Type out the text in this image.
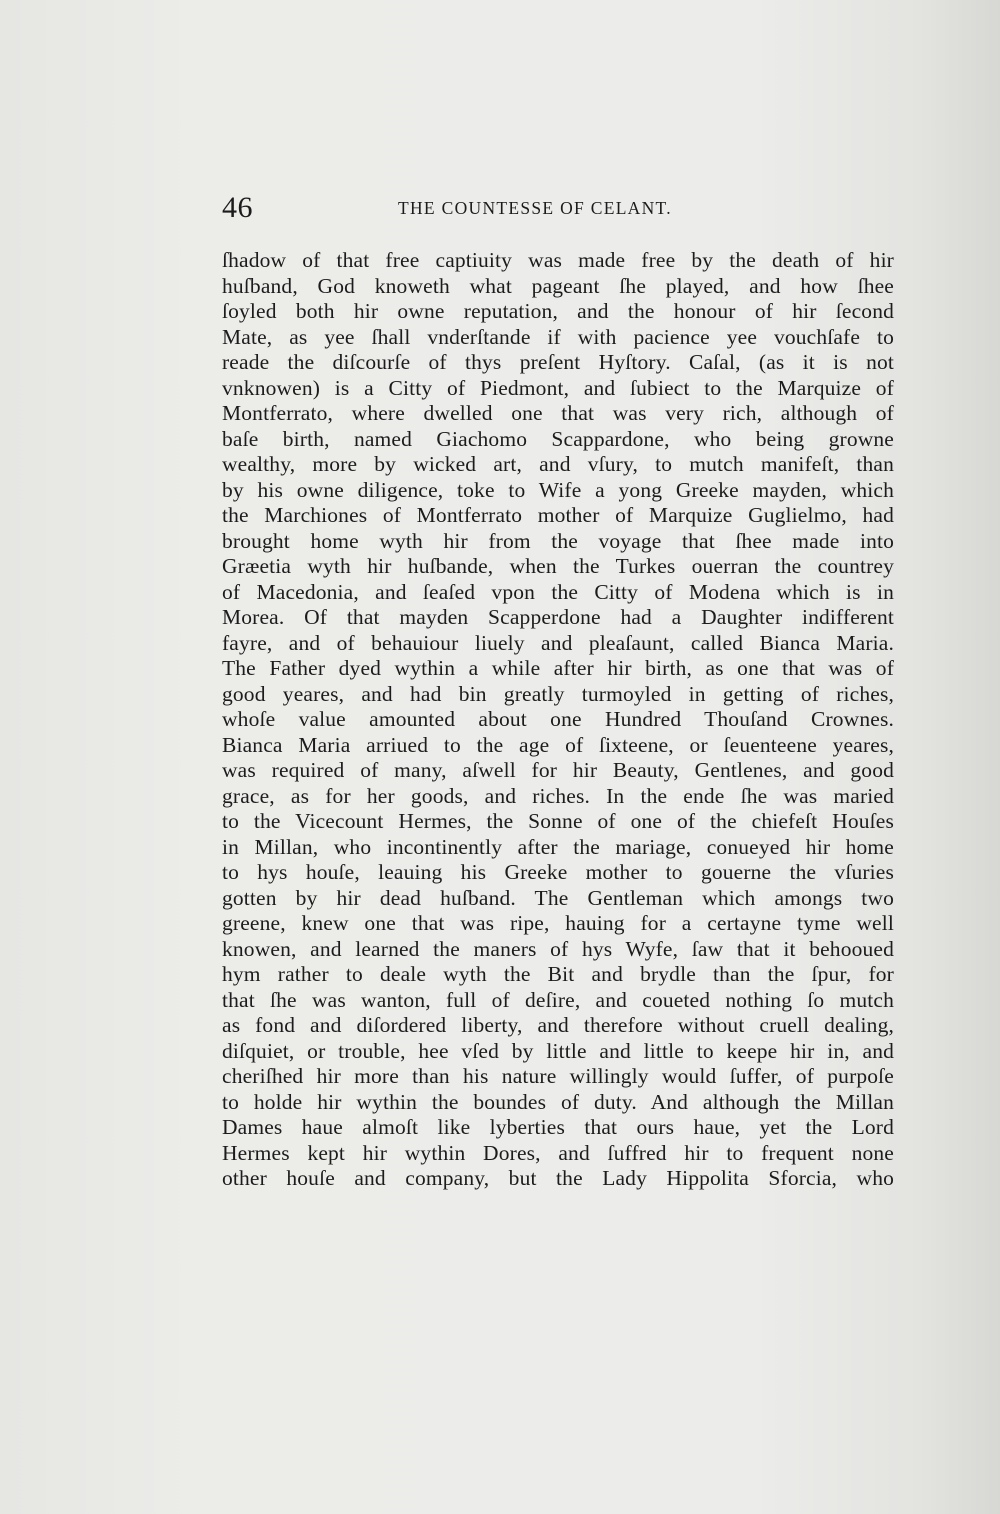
46	THE COUNTESSE OF CELANT.
ſhadow of that free captiuity was made free by the death of hir
huſband, God knoweth what pageant ſhe played, and how ſhee
ſoyled both hir owne reputation, and the honour of hir ſecond
Mate, as yee ſhall vnderſtande if with pacience yee vouchſafe to
reade the diſcourſe of thys preſent Hyſtory. Caſal, (as it is not
vnknowen) is a Citty of Piedmont, and ſubiect to the Marquize of
Montferrato, where dwelled one that was very rich, although of
baſe birth, named Giachomo Scappardone, who being growne
wealthy, more by wicked art, and vſury, to mutch manifeſt, than
by his owne diligence, toke to Wife a yong Greeke mayden, which
the Marchiones of Montferrato mother of Marquize Guglielmo, had
brought home wyth hir from the voyage that ſhee made into
Græetia wyth hir huſbande, when the Turkes ouerran the countrey
of Macedonia, and ſeaſed vpon the Citty of Modena which is in
Morea. Of that mayden Scapperdone had a Daughter indifferent
fayre, and of behauiour liuely and pleaſaunt, called Bianca Maria.
The Father dyed wythin a while after hir birth, as one that was of
good yeares, and had bin greatly turmoyled in getting of riches,
whoſe value amounted about one Hundred Thouſand Crownes.
Bianca Maria arriued to the age of ſixteene, or ſeuenteene yeares,
was required of many, aſwell for hir Beauty, Gentlenes, and good
grace, as for her goods, and riches. In the ende ſhe was maried
to the Vicecount Hermes, the Sonne of one of the chiefeſt Houſes
in Millan, who incontinently after the mariage, conueyed hir home
to hys houſe, leauing his Greeke mother to gouerne the vſuries
gotten by hir dead huſband. The Gentleman which amongs two
greene, knew one that was ripe, hauing for a certayne tyme well
knowen, and learned the maners of hys Wyfe, ſaw that it behooued
hym rather to deale wyth the Bit and brydle than the ſpur, for
that ſhe was wanton, full of deſire, and coueted nothing ſo mutch
as fond and diſordered liberty, and therefore without cruell dealing,
diſquiet, or trouble, hee vſed by little and little to keepe hir in, and
cheriſhed hir more than his nature willingly would ſuffer, of purpoſe
to holde hir wythin the boundes of duty. And although the Millan
Dames haue almoſt like lyberties that ours haue, yet the Lord
Hermes kept hir wythin Dores, and ſuffred hir to frequent none
other houſe and company, but the Lady Hippolita Sforcia, who
